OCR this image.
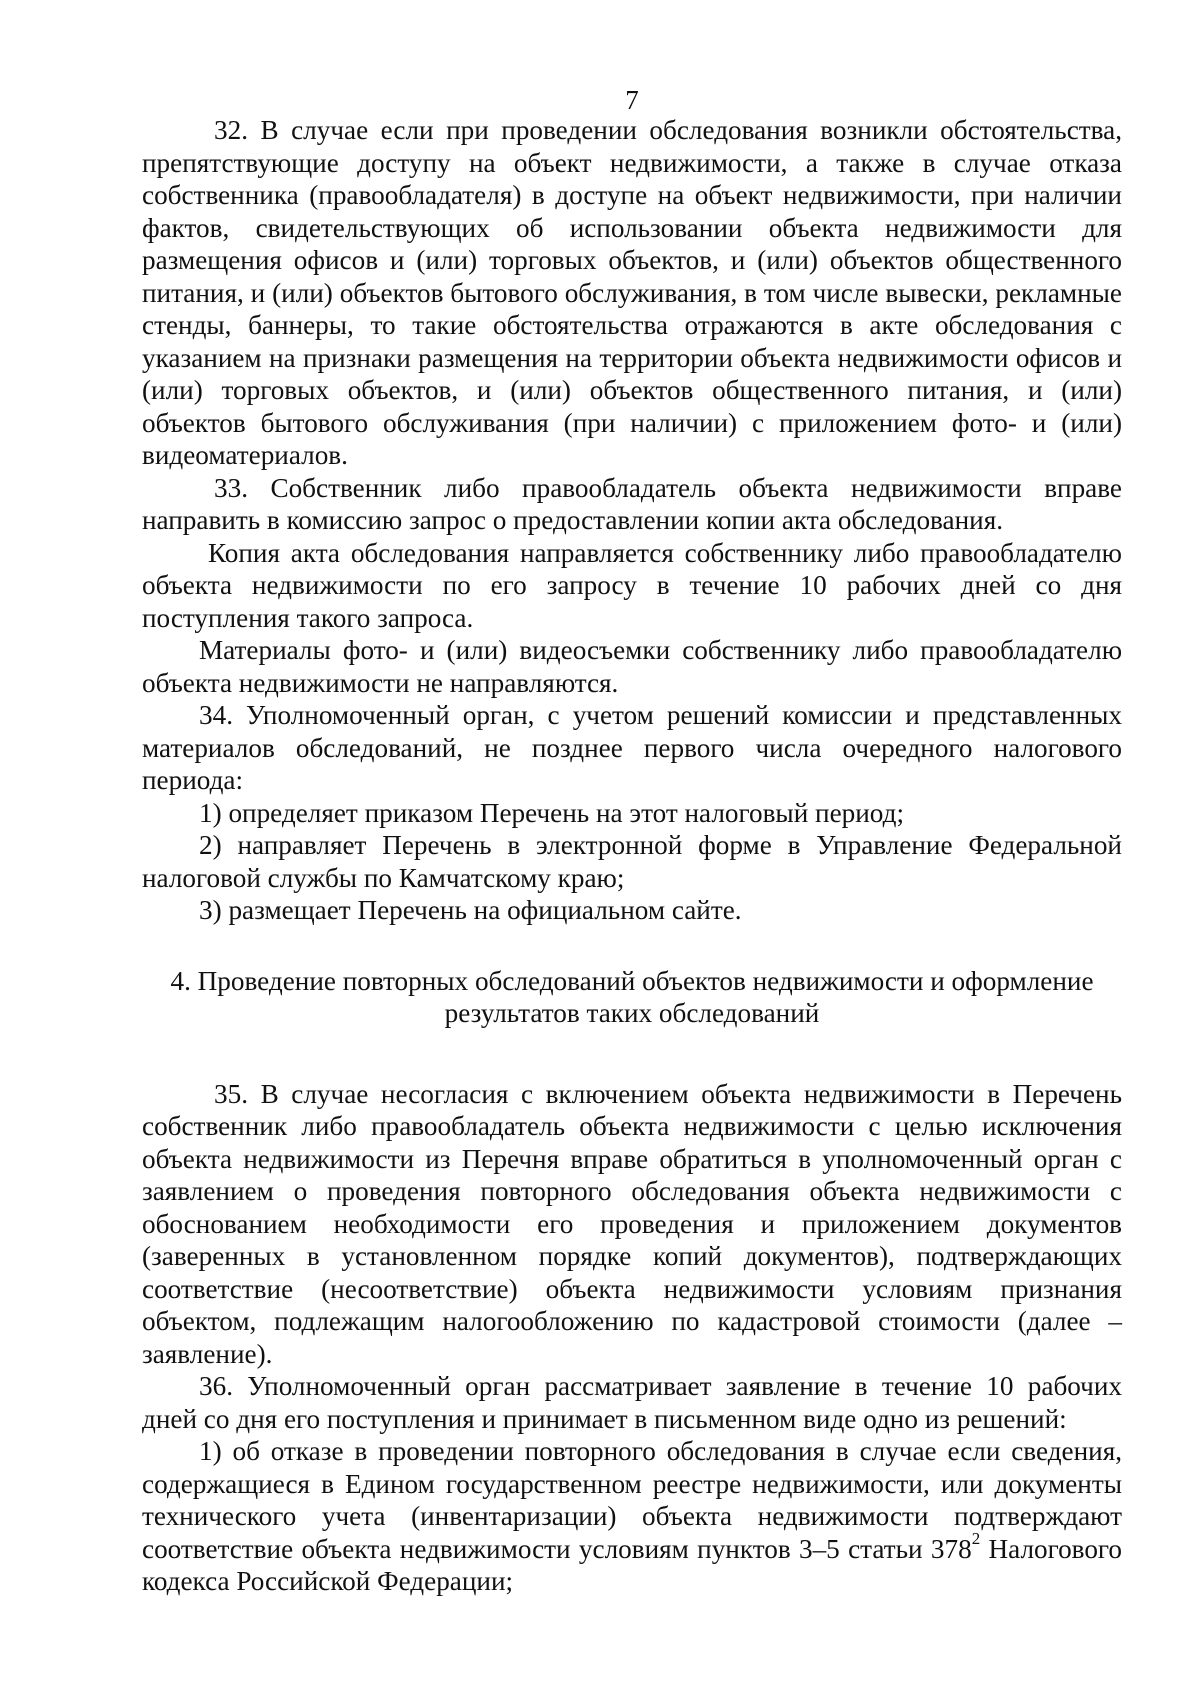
7

32. В случае если при проведении обследования возникли обстоятельства, препятствующие доступу на объект недвижимости, а также в случае отказа собственника (правообладателя) в доступе на объект недвижимости, при наличии фактов, свидетельствующих об использовании объекта недвижимости для размещения офисов и (или) торговых объектов, и (или) объектов общественного питания, и (или) объектов бытового обслуживания, в том числе вывески, рекламные стенды, баннеры, то такие обстоятельства отражаются в акте обследования с указанием на признаки размещения на территории объекта недвижимости офисов и (или) торговых объектов, и (или) объектов общественного питания, и (или) объектов бытового обслуживания (при наличии) с приложением фото- и (или) видеоматериалов.

33. Собственник либо правообладатель объекта недвижимости вправе направить в комиссию запрос о предоставлении копии акта обследования.

Копия акта обследования направляется собственнику либо правообладателю объекта недвижимости по его запросу в течение 10 рабочих дней со дня поступления такого запроса.

Материалы фото- и (или) видеосъемки собственнику либо правообладателю объекта недвижимости не направляются.

34. Уполномоченный орган, с учетом решений комиссии и представленных материалов обследований, не позднее первого числа очередного налогового периода:

1) определяет приказом Перечень на этот налоговый период;

2) направляет Перечень в электронной форме в Управление Федеральной налоговой службы по Камчатскому краю;

3) размещает Перечень на официальном сайте.

4. Проведение повторных обследований объектов недвижимости и оформление
результатов таких обследований

35. В случае несогласия с включением объекта недвижимости в Перечень собственник либо правообладатель объекта недвижимости с целью исключения объекта недвижимости из Перечня вправе обратиться в уполномоченный орган с заявлением о проведения повторного обследования объекта недвижимости с обоснованием необходимости его проведения и приложением документов (заверенных в установленном порядке копий документов), подтверждающих соответствие (несоответствие) объекта недвижимости условиям признания объектом, подлежащим налогообложению по кадастровой стоимости (далее – заявление).

36. Уполномоченный орган рассматривает заявление в течение 10 рабочих дней со дня его поступления и принимает в письменном виде одно из решений:

1) об отказе в проведении повторного обследования в случае если сведения, содержащиеся в Едином государственном реестре недвижимости, или документы технического учета (инвентаризации) объекта недвижимости подтверждают соответствие объекта недвижимости условиям пунктов 3–5 статьи $378^2$ Налогового кодекса Российской Федерации;
